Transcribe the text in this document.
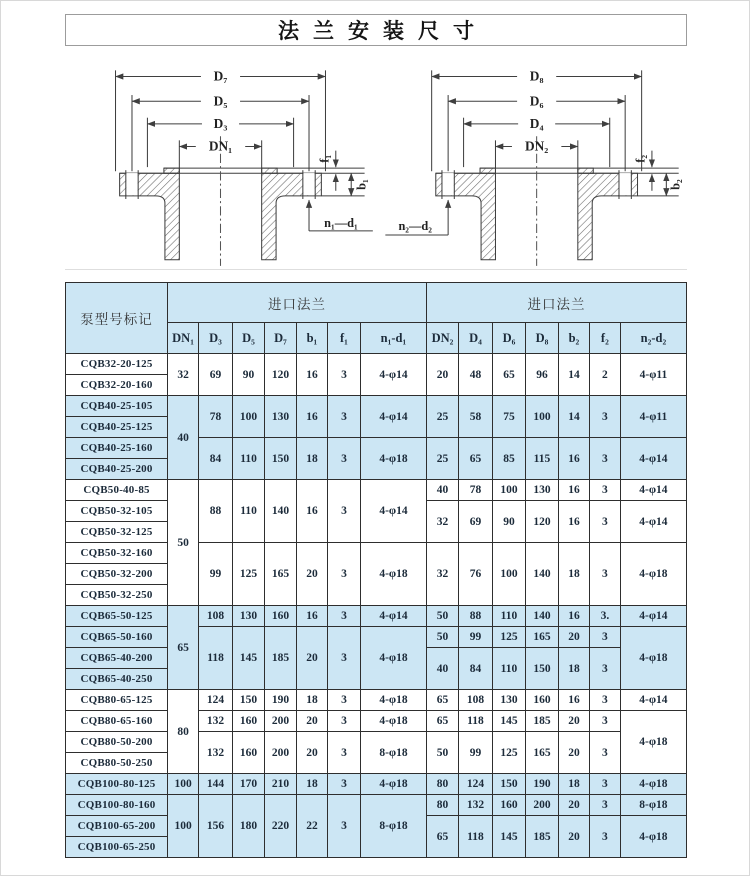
法兰安装尺寸
D₇
D₅
D₃
DN₁
f₁
b₁
n₁—d₁
D₈
D₆
D₄
DN₂
f₂
b₂
n₂—d₂
泵型号标记	进口法兰							进口法兰						
	DN₁	D₃	D₅	D₇	b₁	f₁	n₁-d₁	DN₂	D₄	D₆	D₈	b₂	f₂	n₂-d₂
CQB32-20-125	32	69	90	120	16	3	4-φ14	20	48	65	96	14	2	4-φ11
CQB32-20-160														
CQB40-25-105	40	78	100	130	16	3	4-φ14	25	58	75	100	14	3	4-φ11
CQB40-25-125														
CQB40-25-160		84	110	150	18	3	4-φ18	25	65	85	115	16	3	4-φ14
CQB40-25-200														
CQB50-40-85	50	88	110	140	16	3	4-φ14	40	78	100	130	16	3	4-φ14
CQB50-32-105								32	69	90	120	16	3	4-φ14
CQB50-32-125														
CQB50-32-160		99	125	165	20	3	4-φ18	32	76	100	140	18	3	4-φ18
CQB50-32-200														
CQB50-32-250														
CQB65-50-125	65	108	130	160	16	3	4-φ14	50	88	110	140	16	3.	4-φ14
CQB65-50-160		118	145	185	20	3	4-φ18	50	99	125	165	20	3	4-φ18
CQB65-40-200								40	84	110	150	18	3	
CQB65-40-250														
CQB80-65-125	80	124	150	190	18	3	4-φ18	65	108	130	160	16	3	4-φ14
CQB80-65-160		132	160	200	20	3	4-φ18	65	118	145	185	20	3	4-φ18
CQB80-50-200		132	160	200	20	3	8-φ18	50	99	125	165	20	3	
CQB80-50-250														
CQB100-80-125	100	144	170	210	18	3	4-φ18	80	124	150	190	18	3	4-φ18
CQB100-80-160	100	156	180	220	22	3	8-φ18	80	132	160	200	20	3	8-φ18
CQB100-65-200								65	118	145	185	20	3	4-φ18
CQB100-65-250														
